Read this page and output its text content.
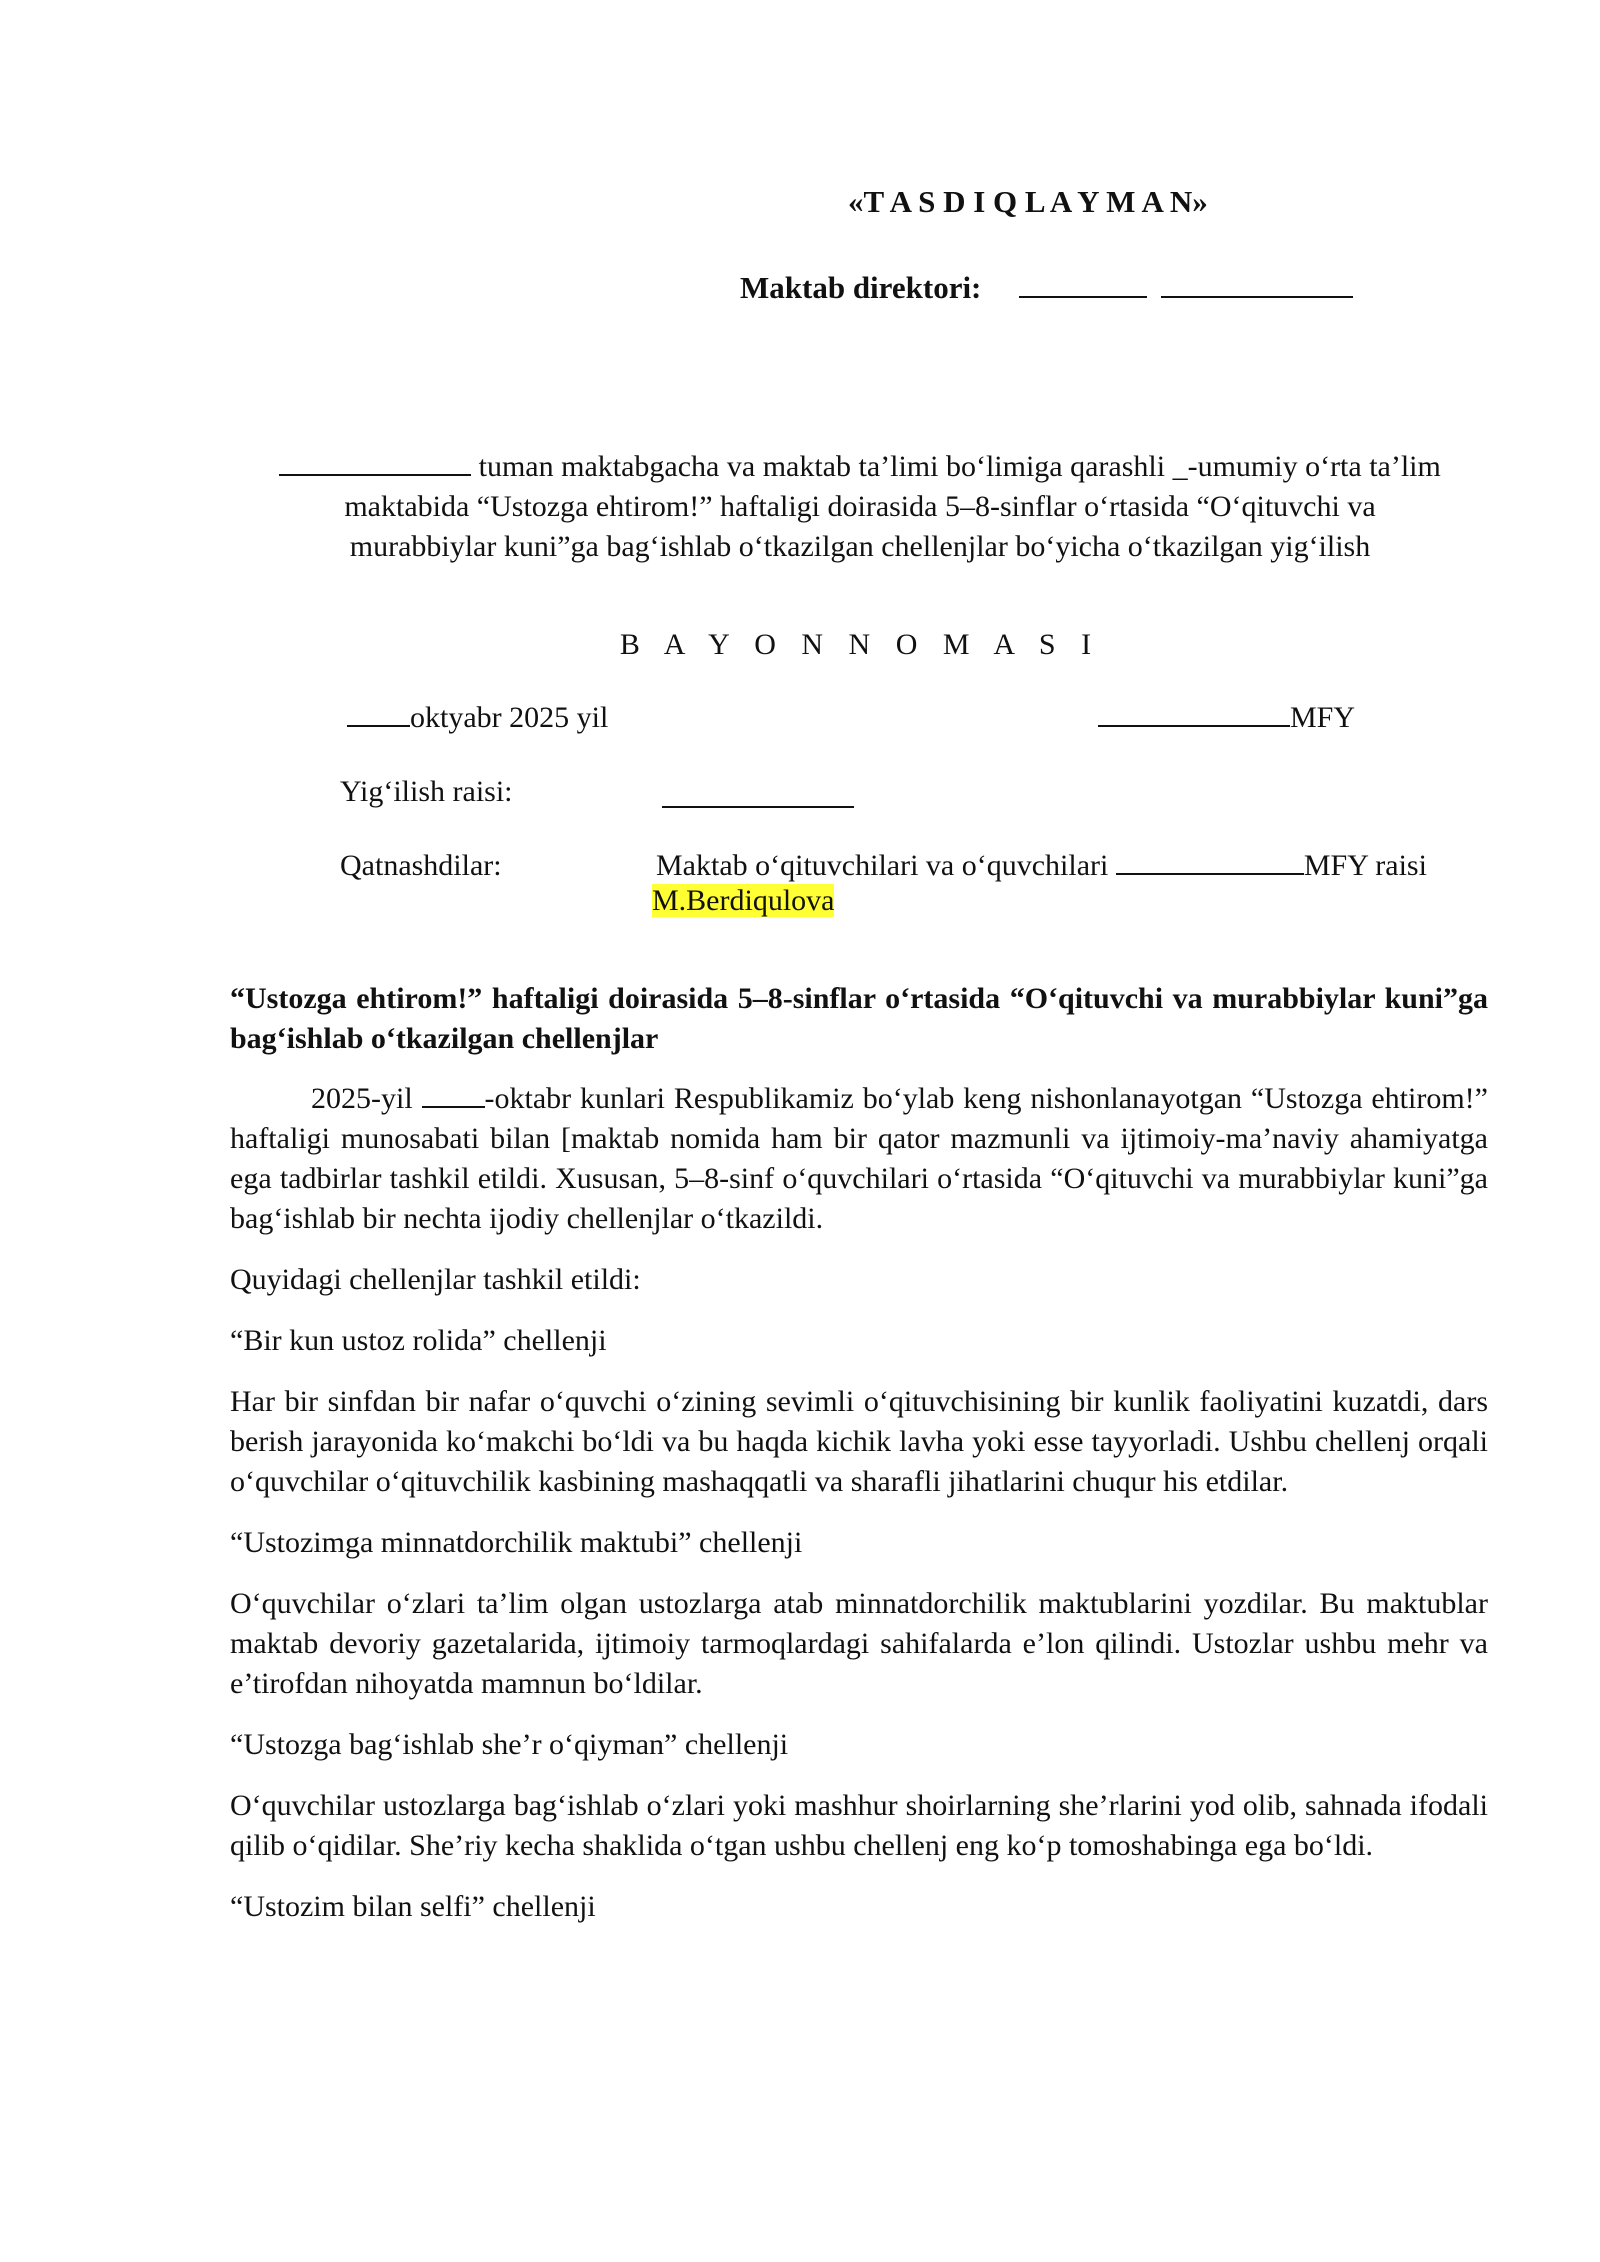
«T A S D I Q L A Y M A N»
Maktab direktori:
tuman maktabgacha va maktab ta’limi bo‘limiga qarashli _-umumiy o‘rta ta’lim
maktabida “Ustozga ehtirom!” haftaligi doirasida 5–8-sinflar o‘rtasida “O‘qituvchi va
murabbiylar kuni”ga bag‘ishlab o‘tkazilgan chellenjlar bo‘yicha o‘tkazilgan yig‘ilish
B A Y O N N O M A S I
oktyabr 2025 yil	MFY
Yig‘ilish raisi:
Qatnashdilar:	Maktab o‘qituvchilari va o‘quvchilari	MFY raisi
M.Berdiqulova

“Ustozga ehtirom!” haftaligi doirasida 5–8-sinflar o‘rtasida “O‘qituvchi va murabbiylar kuni”ga bag‘ishlab o‘tkazilgan chellenjlar

2025-yil -oktabr kunlari Respublikamiz bo‘ylab keng nishonlanayotgan “Ustozga ehtirom!” haftaligi munosabati bilan [maktab nomida ham bir qator mazmunli va ijtimoiy-ma’naviy ahamiyatga ega tadbirlar tashkil etildi. Xususan, 5–8-sinf o‘quvchilari o‘rtasida “O‘qituvchi va murabbiylar kuni”ga bag‘ishlab bir nechta ijodiy chellenjlar o‘tkazildi.

Quyidagi chellenjlar tashkil etildi:

“Bir kun ustoz rolida” chellenji

Har bir sinfdan bir nafar o‘quvchi o‘zining sevimli o‘qituvchisining bir kunlik faoliyatini kuzatdi, dars berish jarayonida ko‘makchi bo‘ldi va bu haqda kichik lavha yoki esse tayyorladi. Ushbu chellenj orqali o‘quvchilar o‘qituvchilik kasbining mashaqqatli va sharafli jihatlarini chuqur his etdilar.

“Ustozimga minnatdorchilik maktubi” chellenji

O‘quvchilar o‘zlari ta’lim olgan ustozlarga atab minnatdorchilik maktublarini yozdilar. Bu maktublar maktab devoriy gazetalarida, ijtimoiy tarmoqlardagi sahifalarda e’lon qilindi. Ustozlar ushbu mehr va e’tirofdan nihoyatda mamnun bo‘ldilar.

“Ustozga bag‘ishlab she’r o‘qiyman” chellenji

O‘quvchilar ustozlarga bag‘ishlab o‘zlari yoki mashhur shoirlarning she’rlarini yod olib, sahnada ifodali qilib o‘qidilar. She’riy kecha shaklida o‘tgan ushbu chellenj eng ko‘p tomoshabinga ega bo‘ldi.

“Ustozim bilan selfi” chellenji
